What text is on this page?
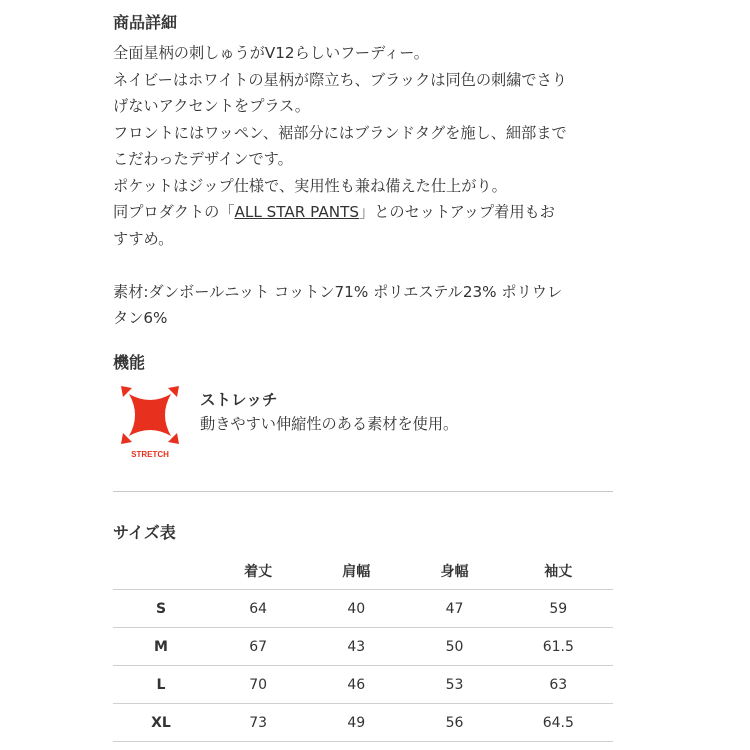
商品詳細

全面星柄の刺しゅうがV12らしいフーディー。

ネイビーはホワイトの星柄が際立ち、ブラックは同色の刺繍でさり

げないアクセントをプラス。

フロントにはワッペン、裾部分にはブランドタグを施し、細部まで

こだわったデザインです。

ポケットはジップ仕様で、実用性も兼ね備えた仕上がり。

同プロダクトの「ALL STAR PANTS」とのセットアップ着用もお

すすめ。

素材:ダンボールニット コットン71% ポリエステル23% ポリウレ

タン6%

機能
STRETCH
ストレッチ
動きやすい伸縮性のある素材を使用。
サイズ表
	着丈	肩幅	身幅	袖丈
S	64	40	47	59
M	67	43	50	61.5
L	70	46	53	63
XL	73	49	56	64.5
